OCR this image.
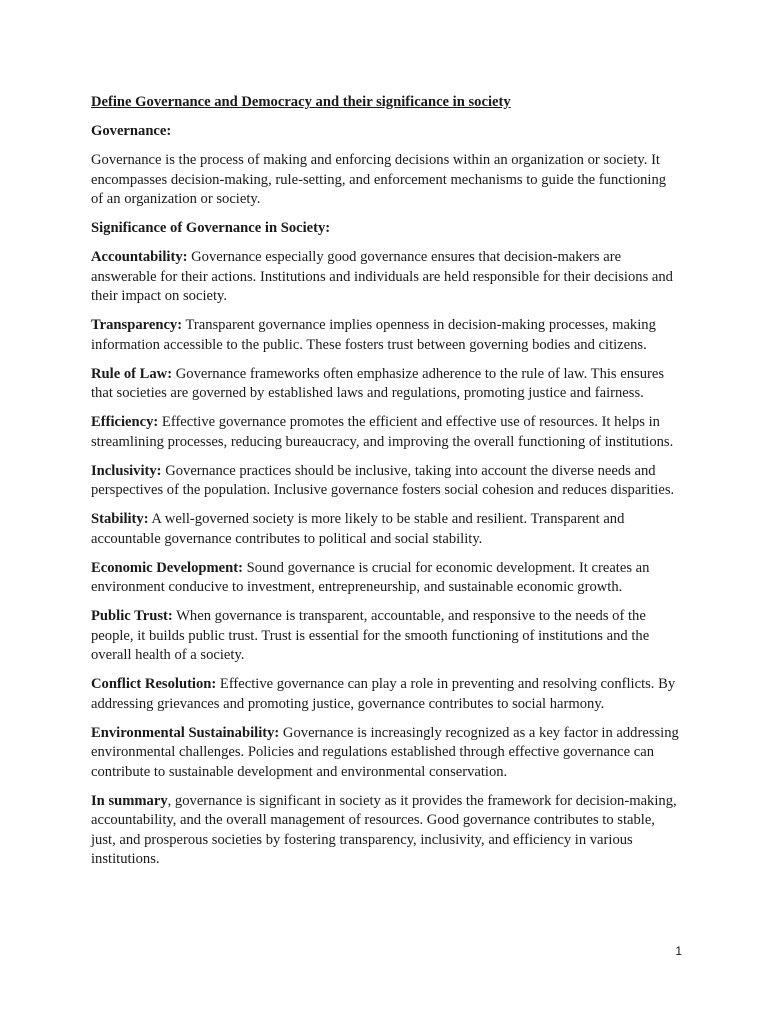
Define Governance and Democracy and their significance in society

Governance:

Governance is the process of making and enforcing decisions within an organization or society. It encompasses decision-making, rule-setting, and enforcement mechanisms to guide the functioning of an organization or society.

Significance of Governance in Society:

Accountability: Governance especially good governance ensures that decision-makers are answerable for their actions. Institutions and individuals are held responsible for their decisions and their impact on society.

Transparency: Transparent governance implies openness in decision-making processes, making information accessible to the public. These fosters trust between governing bodies and citizens.

Rule of Law: Governance frameworks often emphasize adherence to the rule of law. This ensures that societies are governed by established laws and regulations, promoting justice and fairness.

Efficiency: Effective governance promotes the efficient and effective use of resources. It helps in streamlining processes, reducing bureaucracy, and improving the overall functioning of institutions.

Inclusivity: Governance practices should be inclusive, taking into account the diverse needs and perspectives of the population. Inclusive governance fosters social cohesion and reduces disparities.

Stability: A well-governed society is more likely to be stable and resilient. Transparent and accountable governance contributes to political and social stability.

Economic Development: Sound governance is crucial for economic development. It creates an environment conducive to investment, entrepreneurship, and sustainable economic growth.

Public Trust: When governance is transparent, accountable, and responsive to the needs of the people, it builds public trust. Trust is essential for the smooth functioning of institutions and the overall health of a society.

Conflict Resolution: Effective governance can play a role in preventing and resolving conflicts. By addressing grievances and promoting justice, governance contributes to social harmony.

Environmental Sustainability: Governance is increasingly recognized as a key factor in addressing environmental challenges. Policies and regulations established through effective governance can contribute to sustainable development and environmental conservation.

In summary, governance is significant in society as it provides the framework for decision-making, accountability, and the overall management of resources. Good governance contributes to stable, just, and prosperous societies by fostering transparency, inclusivity, and efficiency in various institutions.

1
